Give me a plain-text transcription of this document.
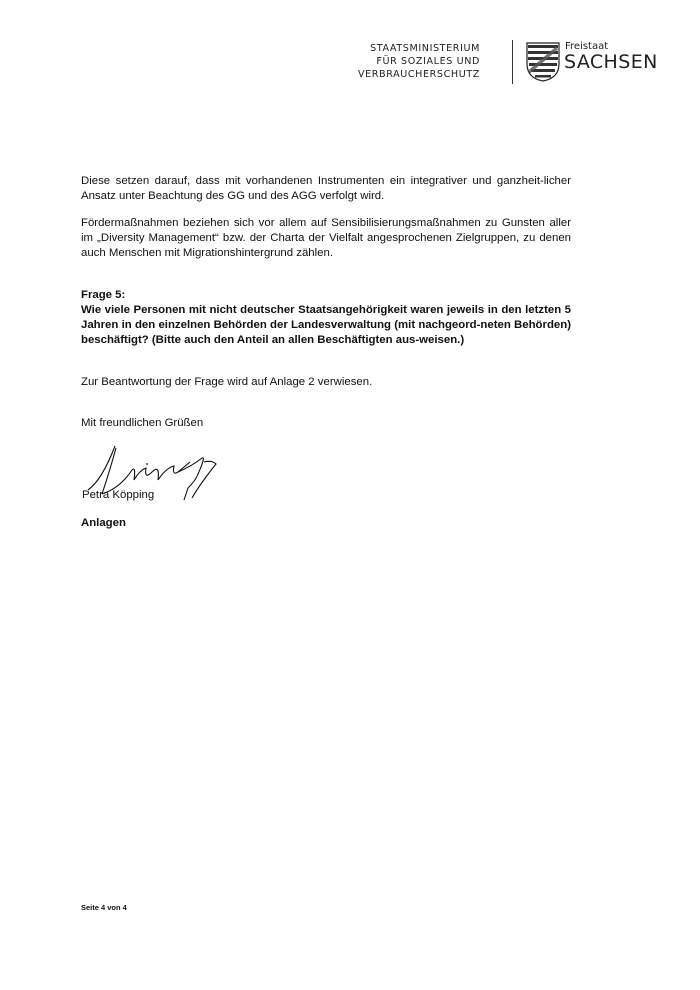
STAATSMINISTERIUM
FÜR SOZIALES UND
VERBRAUCHERSCHUTZ
Freistaat
SACHSEN
Diese setzen darauf, dass mit vorhandenen Instrumenten ein integrativer und ganzheit-licher Ansatz unter Beachtung des GG und des AGG verfolgt wird.
Fördermaßnahmen beziehen sich vor allem auf Sensibilisierungsmaßnahmen zu Gunsten aller im „Diversity Management“ bzw. der Charta der Vielfalt angesprochenen Zielgruppen, zu denen auch Menschen mit Migrationshintergrund zählen.
Frage 5:
Wie viele Personen mit nicht deutscher Staatsangehörigkeit waren jeweils in den letzten 5 Jahren in den einzelnen Behörden der Landesverwaltung (mit nachgeord-neten Behörden) beschäftigt? (Bitte auch den Anteil an allen Beschäftigten aus-weisen.)
Zur Beantwortung der Frage wird auf Anlage 2 verwiesen.
Mit freundlichen Grüßen
Petra Köpping
Anlagen
Seite 4 von 4
